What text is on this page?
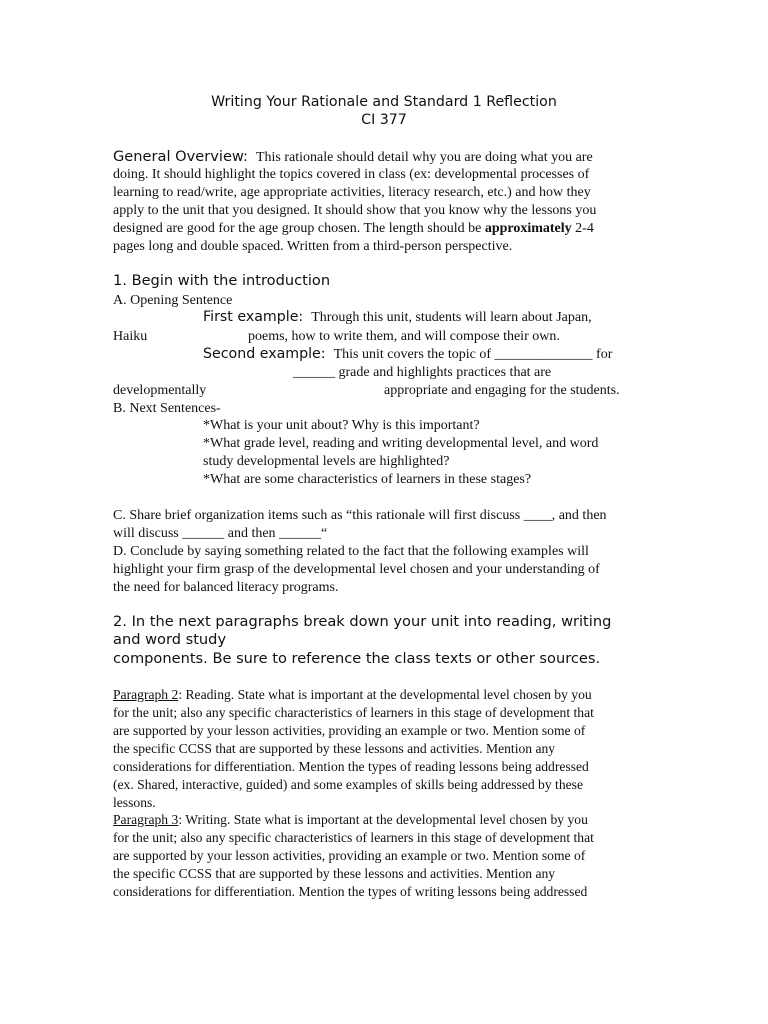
Writing Your Rationale and Standard 1 Reflection
CI 377
General Overview: This rationale should detail why you are doing what you are
doing. It should highlight the topics covered in class (ex: developmental processes of
learning to read/write, age appropriate activities, literacy research, etc.) and how they
apply to the unit that you designed. It should show that you know why the lessons you
designed are good for the age group chosen. The length should be approximately 2-4
pages long and double spaced. Written from a third-person perspective.
1. Begin with the introduction
A. Opening Sentence
First example: Through this unit, students will learn about Japan,
Haiku	poems, how to write them, and will compose their own.
Second example: This unit covers the topic of ______________ for
______ grade and highlights practices that are
developmentally	appropriate and engaging for the students.
B. Next Sentences-
*What is your unit about? Why is this important?
*What grade level, reading and writing developmental level, and word
study developmental levels are highlighted?
*What are some characteristics of learners in these stages?
C. Share brief organization items such as “this rationale will first discuss ____, and then
will discuss ______ and then ______“
D. Conclude by saying something related to the fact that the following examples will
highlight your firm grasp of the developmental level chosen and your understanding of
the need for balanced literacy programs.
2. In the next paragraphs break down your unit into reading, writing
and word study
components. Be sure to reference the class texts or other sources.
Paragraph 2: Reading. State what is important at the developmental level chosen by you
for the unit; also any specific characteristics of learners in this stage of development that
are supported by your lesson activities, providing an example or two. Mention some of
the specific CCSS that are supported by these lessons and activities. Mention any
considerations for differentiation. Mention the types of reading lessons being addressed
(ex. Shared, interactive, guided) and some examples of skills being addressed by these
lessons.
Paragraph 3: Writing. State what is important at the developmental level chosen by you
for the unit; also any specific characteristics of learners in this stage of development that
are supported by your lesson activities, providing an example or two. Mention some of
the specific CCSS that are supported by these lessons and activities. Mention any
considerations for differentiation. Mention the types of writing lessons being addressed
